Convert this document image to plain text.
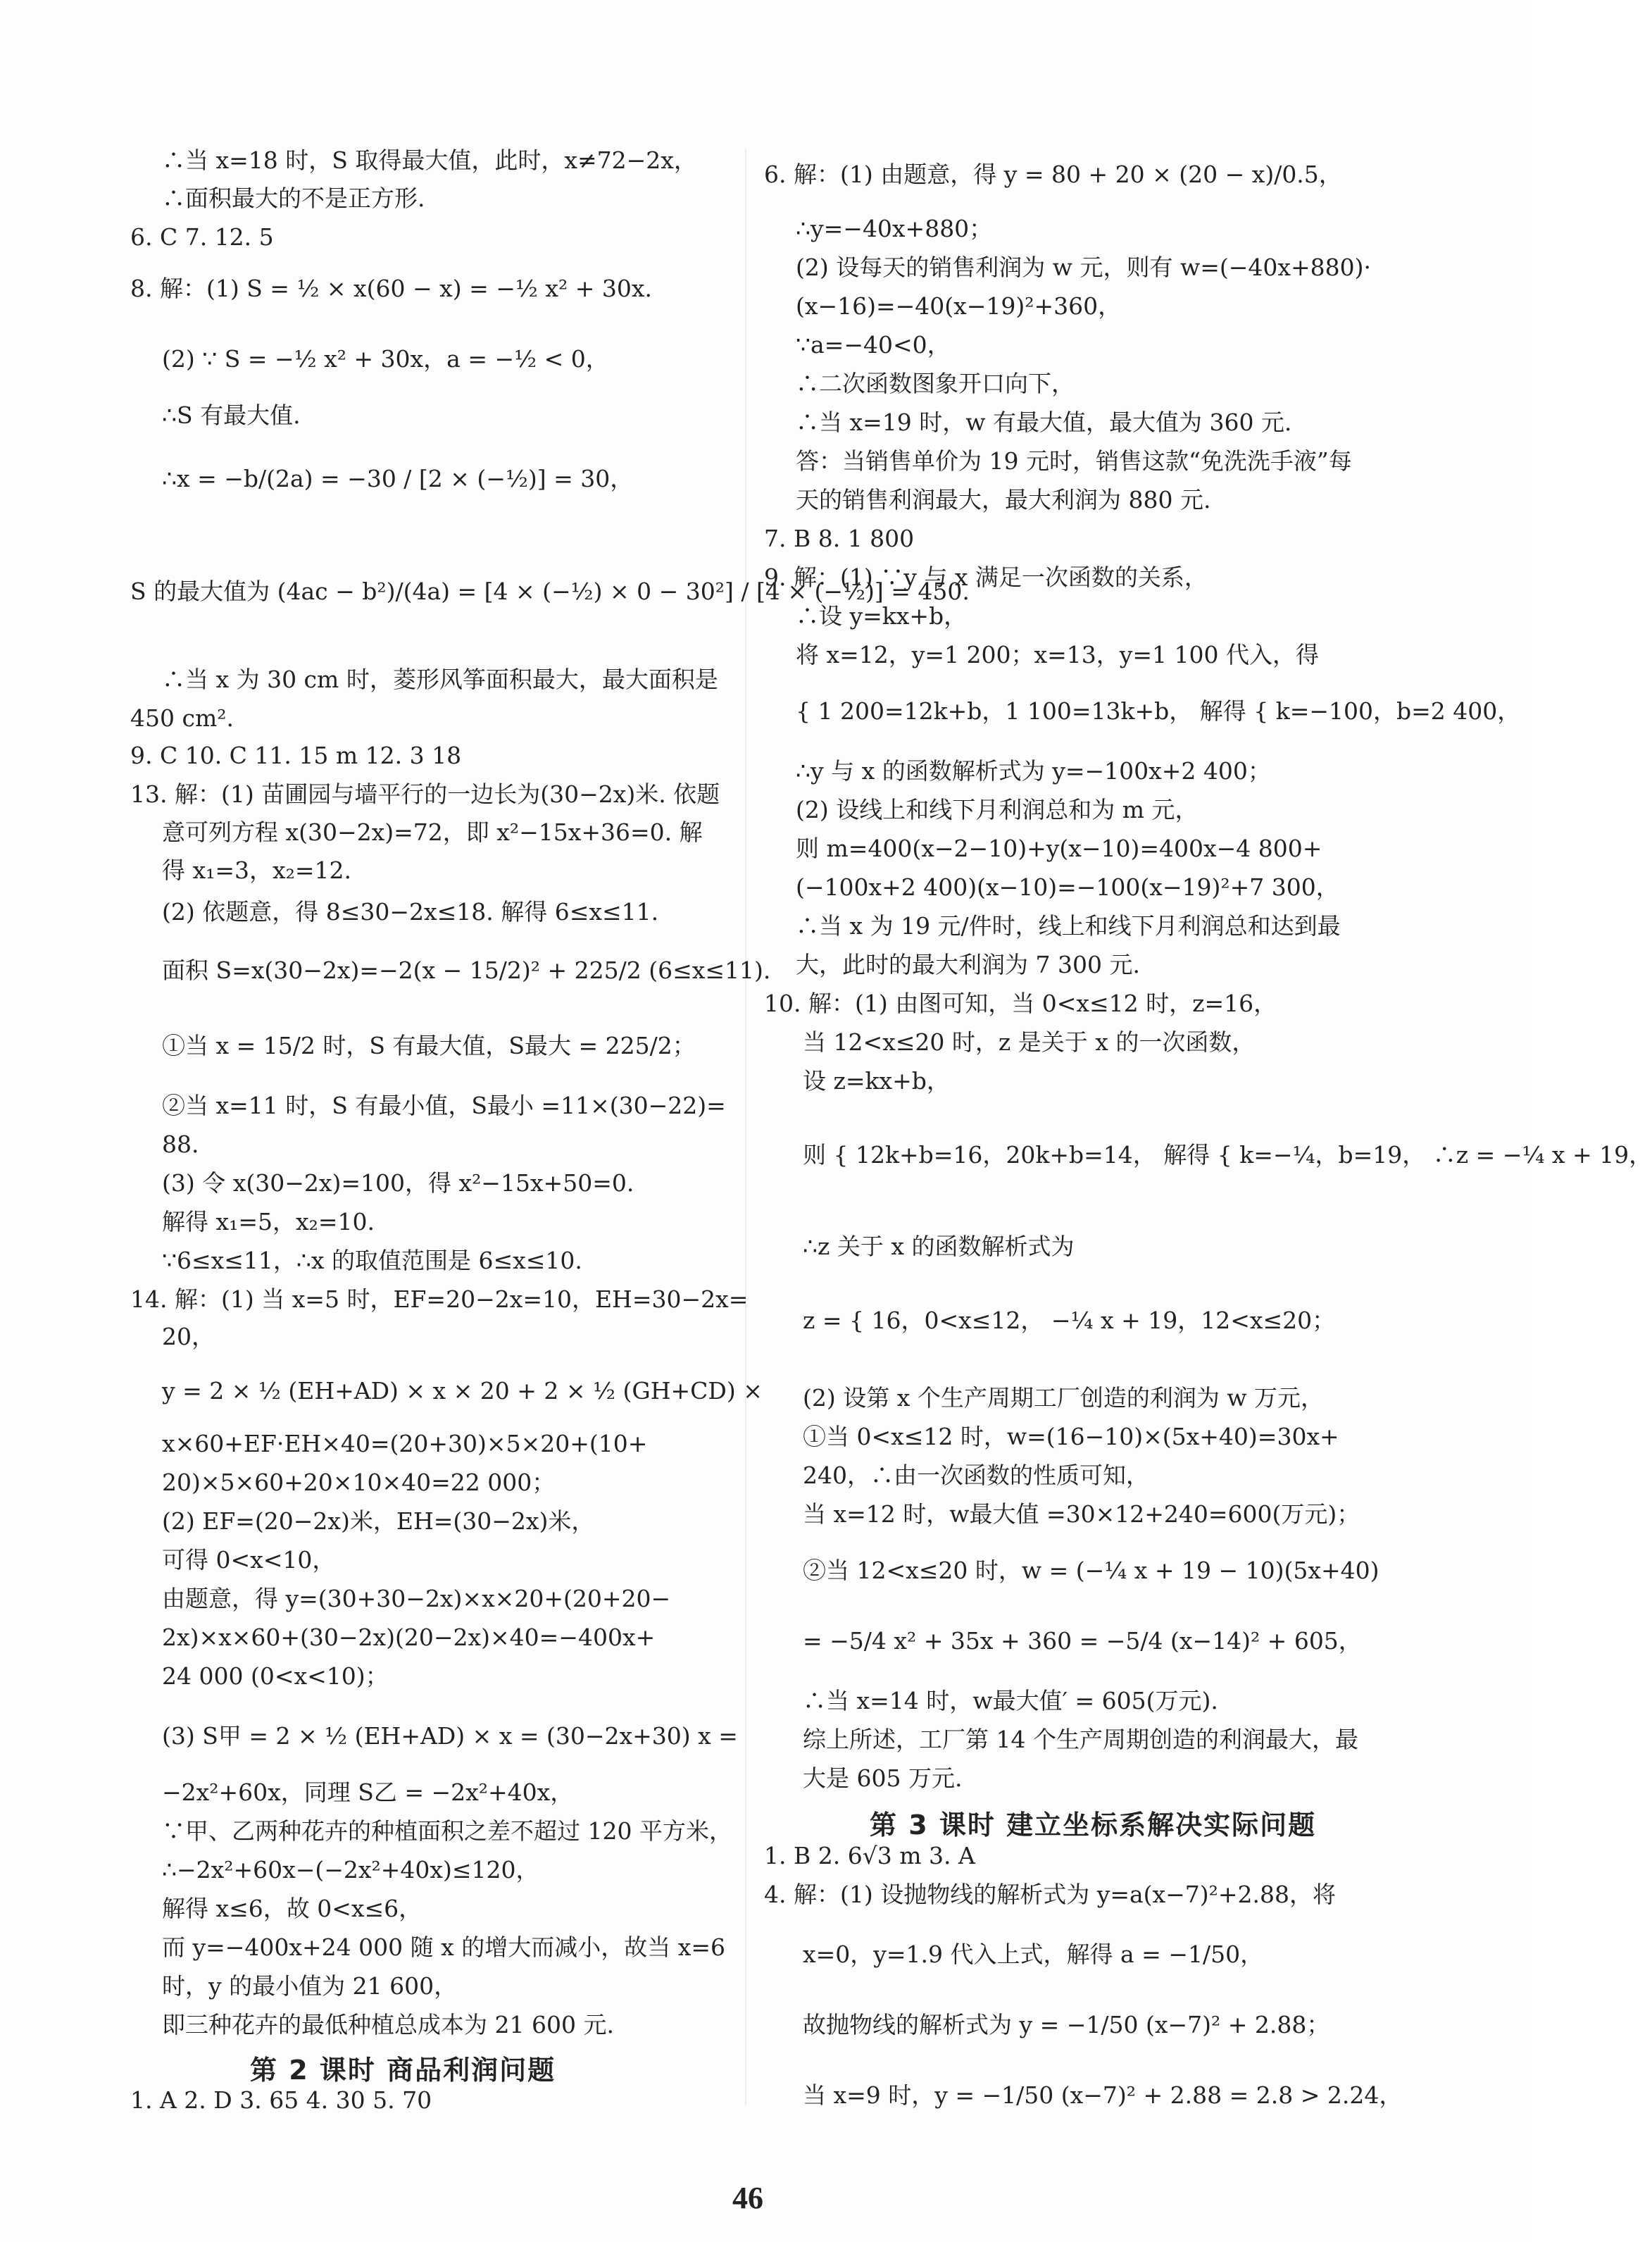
∴当 x=18 时，S 取得最大值，此时，x≠72−2x，
∴面积最大的不是正方形.
6. C 7. 12. 5
8. 解：(1) S = ½ × x(60 − x) = −½ x² + 30x.
(2) ∵ S = −½ x² + 30x，a = −½ < 0，
∴S 有最大值.
∴x = −b/(2a) = −30 / [2 × (−½)] = 30，
S 的最大值为 (4ac − b²)/(4a) = [4 × (−½) × 0 − 30²] / [4 × (−½)] = 450.
∴当 x 为 30 cm 时，菱形风筝面积最大，最大面积是
450 cm².
9. C 10. C 11. 15 m 12. 3 18
13. 解：(1) 苗圃园与墙平行的一边长为(30−2x)米. 依题
意可列方程 x(30−2x)=72，即 x²−15x+36=0. 解
得 x₁=3，x₂=12.
(2) 依题意，得 8≤30−2x≤18. 解得 6≤x≤11.
面积 S=x(30−2x)=−2(x − 15/2)² + 225/2 (6≤x≤11).
①当 x = 15/2 时，S 有最大值，S最大 = 225/2；
②当 x=11 时，S 有最小值，S最小 =11×(30−22)=
88.
(3) 令 x(30−2x)=100，得 x²−15x+50=0.
解得 x₁=5，x₂=10.
∵6≤x≤11，∴x 的取值范围是 6≤x≤10.
14. 解：(1) 当 x=5 时，EF=20−2x=10，EH=30−2x=
20，
y = 2 × ½ (EH+AD) × x × 20 + 2 × ½ (GH+CD) ×
x×60+EF·EH×40=(20+30)×5×20+(10+
20)×5×60+20×10×40=22 000；
(2) EF=(20−2x)米，EH=(30−2x)米，
可得 0<x<10，
由题意，得 y=(30+30−2x)×x×20+(20+20−
2x)×x×60+(30−2x)(20−2x)×40=−400x+
24 000 (0<x<10)；
(3) S甲 = 2 × ½ (EH+AD) × x = (30−2x+30) x =
−2x²+60x，同理 S乙 = −2x²+40x，
∵甲、乙两种花卉的种植面积之差不超过 120 平方米，
∴−2x²+60x−(−2x²+40x)≤120，
解得 x≤6，故 0<x≤6，
而 y=−400x+24 000 随 x 的增大而减小，故当 x=6
时，y 的最小值为 21 600，
即三种花卉的最低种植总成本为 21 600 元.
第 2 课时 商品利润问题
1. A 2. D 3. 65 4. 30 5. 70
6. 解：(1) 由题意，得 y = 80 + 20 × (20 − x)/0.5，
∴y=−40x+880；
(2) 设每天的销售利润为 w 元，则有 w=(−40x+880)·
(x−16)=−40(x−19)²+360，
∵a=−40<0，
∴二次函数图象开口向下，
∴当 x=19 时，w 有最大值，最大值为 360 元.
答：当销售单价为 19 元时，销售这款“免洗洗手液”每
天的销售利润最大，最大利润为 880 元.
7. B 8. 1 800
9. 解：(1) ∵y 与 x 满足一次函数的关系，
∴设 y=kx+b，
将 x=12，y=1 200；x=13，y=1 100 代入，得
{ 1 200=12k+b，1 100=13k+b， 解得 { k=−100，b=2 400，
∴y 与 x 的函数解析式为 y=−100x+2 400；
(2) 设线上和线下月利润总和为 m 元，
则 m=400(x−2−10)+y(x−10)=400x−4 800+
(−100x+2 400)(x−10)=−100(x−19)²+7 300，
∴当 x 为 19 元/件时，线上和线下月利润总和达到最
大，此时的最大利润为 7 300 元.
10. 解：(1) 由图可知，当 0<x≤12 时，z=16，
当 12<x≤20 时，z 是关于 x 的一次函数，
设 z=kx+b，
则 { 12k+b=16，20k+b=14， 解得 { k=−¼，b=19， ∴z = −¼ x + 19，
∴z 关于 x 的函数解析式为
z = { 16，0<x≤12， −¼ x + 19，12<x≤20；
(2) 设第 x 个生产周期工厂创造的利润为 w 万元，
①当 0<x≤12 时，w=(16−10)×(5x+40)=30x+
240，∴由一次函数的性质可知，
当 x=12 时，w最大值 =30×12+240=600(万元)；
②当 12<x≤20 时，w = (−¼ x + 19 − 10)(5x+40)
= −5/4 x² + 35x + 360 = −5/4 (x−14)² + 605，
∴当 x=14 时，w最大值′ = 605(万元).
综上所述，工厂第 14 个生产周期创造的利润最大，最
大是 605 万元.
第 3 课时 建立坐标系解决实际问题
1. B 2. 6√3 m 3. A
4. 解：(1) 设抛物线的解析式为 y=a(x−7)²+2.88，将
x=0，y=1.9 代入上式，解得 a = −1/50，
故抛物线的解析式为 y = −1/50 (x−7)² + 2.88；
当 x=9 时，y = −1/50 (x−7)² + 2.88 = 2.8 > 2.24，
46
